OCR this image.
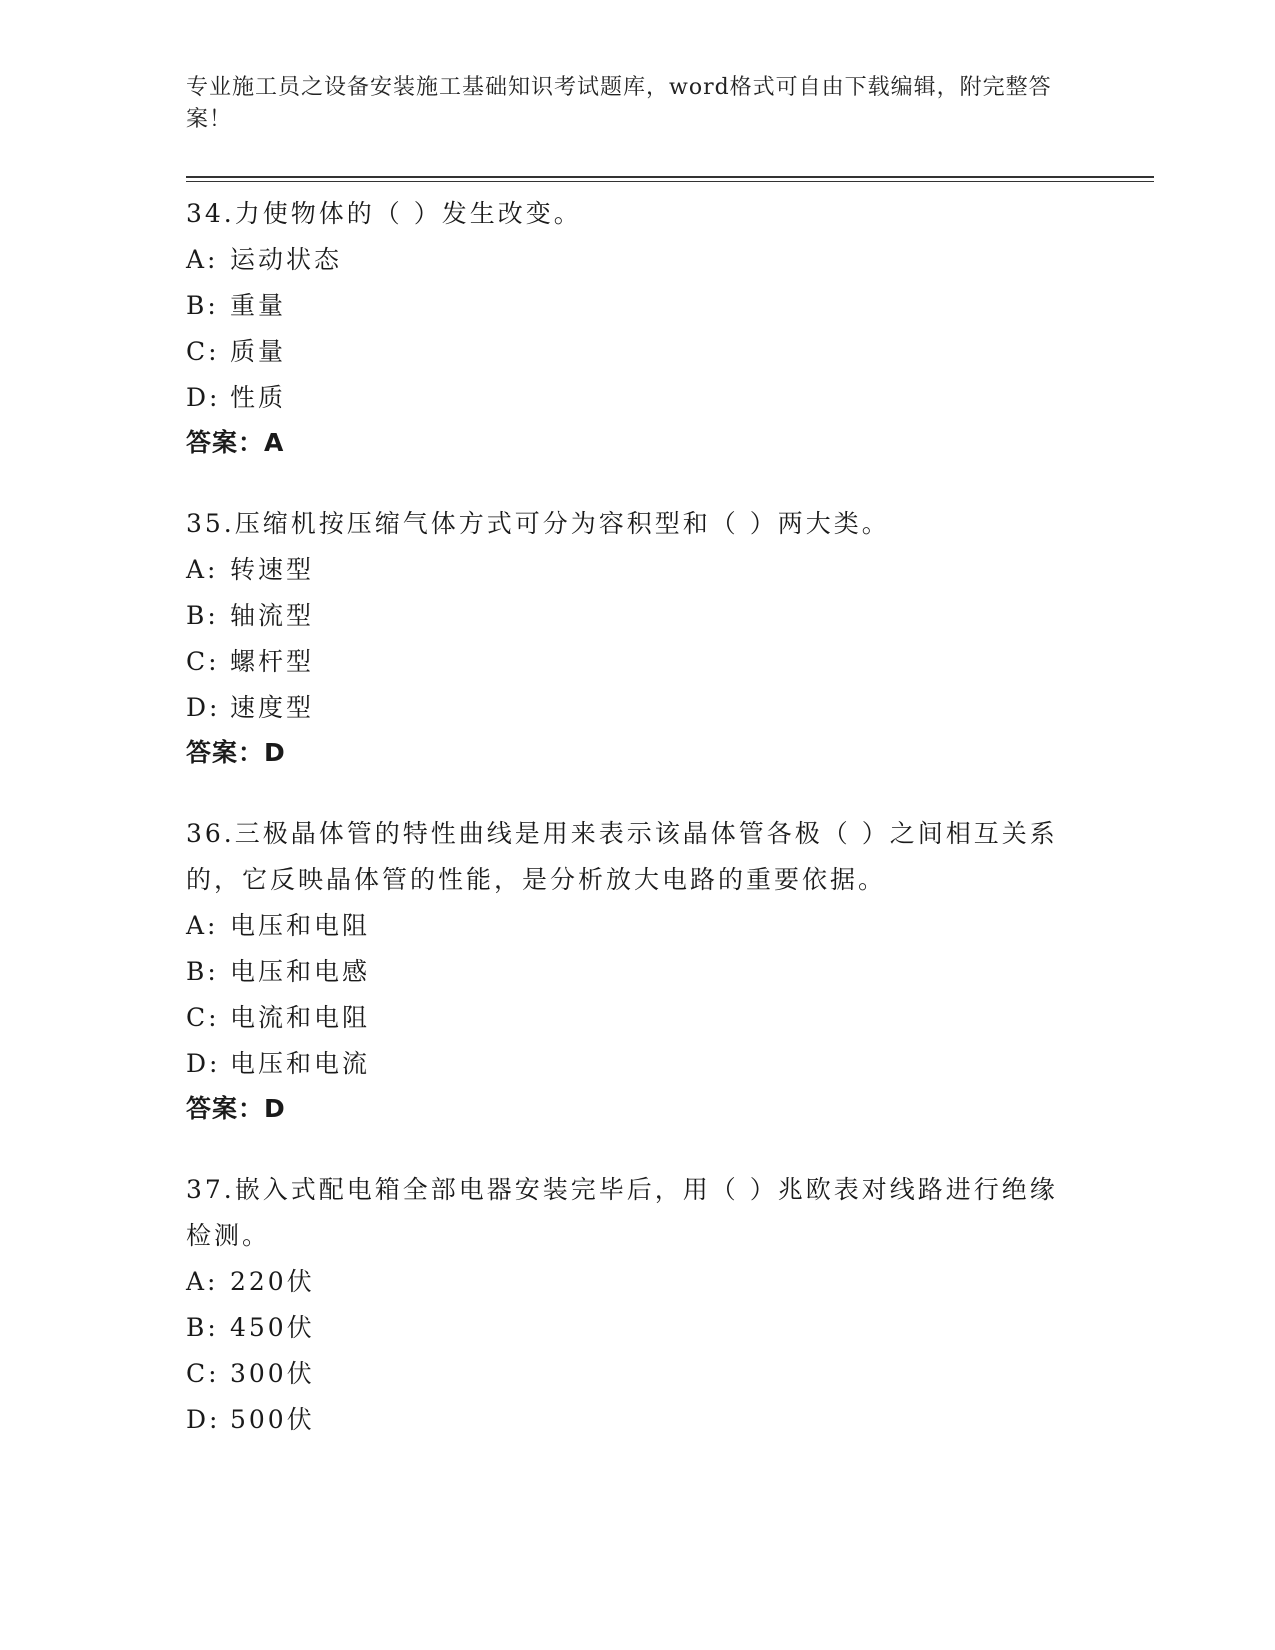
专业施工员之设备安装施工基础知识考试题库，word格式可自由下载编辑，附完整答案！

34.力使物体的（ ）发生改变。

A: 运动状态

B: 重量

C: 质量

D: 性质

答案：A

35.压缩机按压缩气体方式可分为容积型和（ ）两大类。

A: 转速型

B: 轴流型

C: 螺杆型

D: 速度型

答案：D

36.三极晶体管的特性曲线是用来表示该晶体管各极（ ）之间相互关系的，它反映晶体管的性能，是分析放大电路的重要依据。

A: 电压和电阻

B: 电压和电感

C: 电流和电阻

D: 电压和电流

答案：D

37.嵌入式配电箱全部电器安装完毕后，用（ ）兆欧表对线路进行绝缘检测。

A: 220伏

B: 450伏

C: 300伏

D: 500伏
